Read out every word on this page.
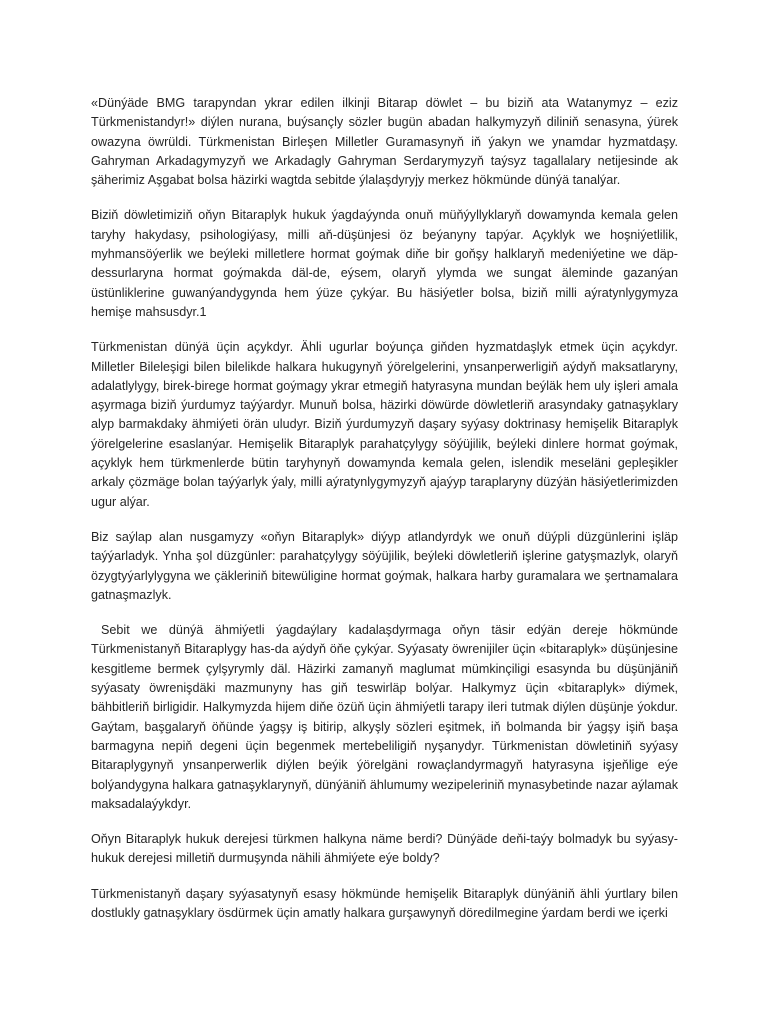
«Dünýäde BMG tarapyndan ykrar edilen ilkinji Bitarap döwlet – bu biziň ata Watanymyz – eziz Türkmenistandyr!» diýlen nurana, buýsançly sözler bugün abadan halkymyzyň diliniň senasyna, ýürek owazyna öwrüldi. Türkmenistan Birleşen Milletler Guramasynyň iň ýakyn we ynamdar hyzmatdaşy. Gahryman Arkadagymyzyň we Arkadagly Gahryman Serdarymyzyň taýsyz tagallalary netijesinde ak şäherimiz Aşgabat bolsa häzirki wagtda sebitde ýlalaşdyryjy merkez hökmünde dünýä tanalýar.

Biziň döwletimiziň oňyn Bitaraplyk hukuk ýagdaýynda onuň müňýyllyklaryň dowamynda kemala gelen taryhy hakydasy, psihologiýasy, milli aň-düşünjesi öz beýanyny tapýar. Açyklyk we hoşniýetlilik, myhmansöýerlik we beýleki milletlere hormat goýmak diňe bir goňşy halklaryň medeniýetine we däp-dessurlaryna hormat goýmakda däl-de, eýsem, olaryň ylymda we sungat äleminde gazanýan üstünliklerine guwanýandygynda hem ýüze çykýar. Bu häsiýetler bolsa, biziň milli aýratynlygymyza hemişe mahsusdyr.1

Türkmenistan dünýä üçin açykdyr. Ähli ugurlar boýunça giňden hyzmatdaşlyk etmek üçin açykdyr. Milletler Bileleşigi bilen bilelikde halkara hukugynyň ýörelgelerini, ynsanperwerligiň aýdyň maksatlaryny, adalatlylygy, birek-birege hormat goýmagy ykrar etmegiň hatyrasyna mundan beýläk hem uly işleri amala aşyrmaga biziň ýurdumyz taýýardyr. Munuň bolsa, häzirki döwürde döwletleriň arasyndaky gatnaşyklary alyp barmakdaky ähmiýeti örän uludyr. Biziň ýurdumyzyň daşary syýasy doktrinasy hemişelik Bitaraplyk ýörelgelerine esaslanýar. Hemişelik Bitaraplyk parahatçylygy söýüjilik, beýleki dinlere hormat goýmak, açyklyk hem türkmenlerde bütin taryhynyň dowamynda kemala gelen, islendik meseläni gepleşikler arkaly çözmäge bolan taýýarlyk ýaly, milli aýratynlygymyzyň ajaýyp taraplaryny düzýän häsiýetlerimizden ugur alýar.

Biz saýlap alan nusgamyzy «oňyn Bitaraplyk» diýyp atlandyrdyk we onuň düýpli düzgünlerini işläp taýýarladyk. Ynha şol düzgünler: parahatçylygy söýüjilik, beýleki döwletleriň işlerine gatyşmazlyk, olaryň özygtyýarlylygyna we çäkleriniň bitewüligine hormat goýmak, halkara harby guramalara we şertnamalara gatnaşmazlyk.

Sebit we dünýä ähmiýetli ýagdaýlary kadalaşdyrmaga oňyn täsir edýän dereje hökmünde Türkmenistanyň Bitaraplygy has-da aýdyň öňe çykýar. Syýasaty öwrenijiler üçin «bitaraplyk» düşünjesine kesgitleme bermek çylşyrymly däl. Häzirki zamanyň maglumat mümkinçiligi esasynda bu düşünjäniň syýasaty öwrenişdäki mazmunyny has giň teswirläp bolýar. Halkymyz üçin «bitaraplyk» diýmek, bähbitleriň birligidir. Halkymyzda hijem diňe özüň üçin ähmiýetli tarapy ileri tutmak diýlen düşünje ýokdur. Gaýtam, başgalaryň öňünde ýagşy iş bitirip, alkyşly sözleri eşitmek, iň bolmanda bir ýagşy işiň başa barmagyna nepiň degeni üçin begenmek mertebeliligiň nyşanydyr. Türkmenistan döwletiniň syýasy Bitaraplygynyň ynsanperwerlik diýlen beýik ýörelgäni rowaçlandyrmagyň hatyrasyna işjeňlige eýe bolýandygyna halkara gatnaşyklarynyň, dünýäniň ählumumy wezipeleriniň mynasybetinde nazar aýlamak maksadalaýykdyr.

Oňyn Bitaraplyk hukuk derejesi türkmen halkyna näme berdi? Dünýäde deňi-taýy bolmadyk bu syýasy-hukuk derejesi milletiň durmuşynda nähili ähmiýete eýe boldy?

Türkmenistanyň daşary syýasatynyň esasy hökmünde hemişelik Bitaraplyk dünýäniň ähli ýurtlary bilen dostlukly gatnaşyklary ösdürmek üçin amatly halkara gurşawynyň döredilmegine ýardam berdi we içerki
